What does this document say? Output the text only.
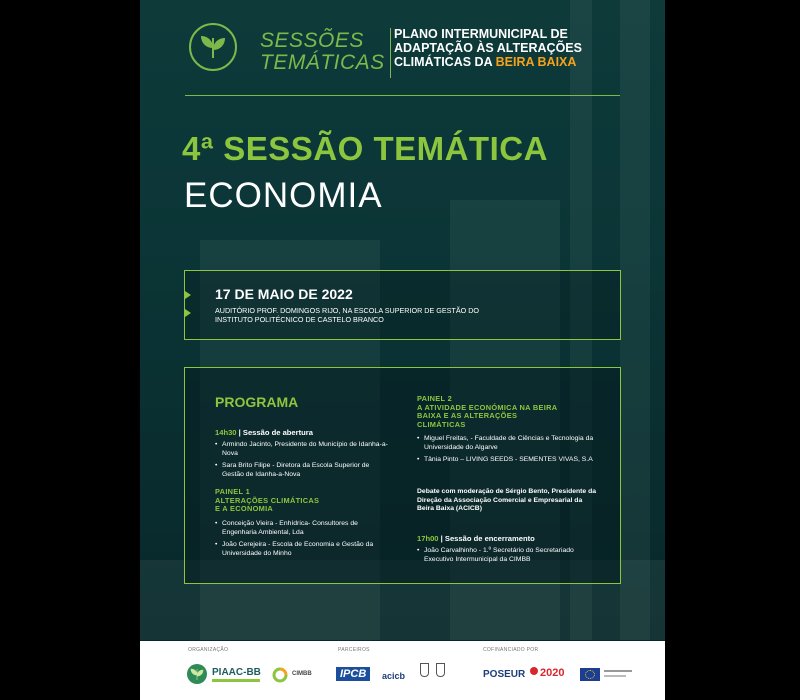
SESSÕES
TEMÁTICAS
PLANO INTERMUNICIPAL DE
ADAPTAÇÃO ÀS ALTERAÇÕES
CLIMÁTICAS DA BEIRA BAIXA
4ª SESSÃO TEMÁTICA
ECONOMIA
17 DE MAIO DE 2022
AUDITÓRIO PROF. DOMINGOS RIJO, NA ESCOLA SUPERIOR DE GESTÃO DO INSTITUTO POLITÉCNICO DE CASTELO BRANCO
PROGRAMA
14h30 | Sessão de abertura
• Armindo Jacinto, Presidente do Município de Idanha-a-Nova
• Sara Brito Filipe - Diretora da Escola Superior de Gestão de Idanha-a-Nova
PAINEL 1
ALTERAÇÕES CLIMÁTICAS
E A ECONOMIA
• Conceição Vieira - Enhídrica- Consultores de Engenharia Ambiental, Lda
• João Cerejeira - Escola de Economia e Gestão da Universidade do Minho
PAINEL 2
A ATIVIDADE ECONÓMICA NA BEIRA
BAIXA E AS ALTERAÇÕES
CLIMÁTICAS
• Miguel Freitas, - Faculdade de Ciências e Tecnologia da Universidade do Algarve
• Tânia Pinto – LIVING SEEDS - SEMENTES VIVAS, S.A
Debate com moderação de Sérgio Bento, Presidente da Direção da Associação Comercial e Empresarial da Beira Baixa (ACICB)
17h00 | Sessão de encerramento
• João Carvalhinho - 1.º Secretário do Secretariado Executivo Intermunicipal da CIMBB
ORGANIZAÇÃO	PARCEIROS	COFINANCIADO POR
PIAAC-BB	CIMBB	IPCB	acicb	POSEUR 2020
